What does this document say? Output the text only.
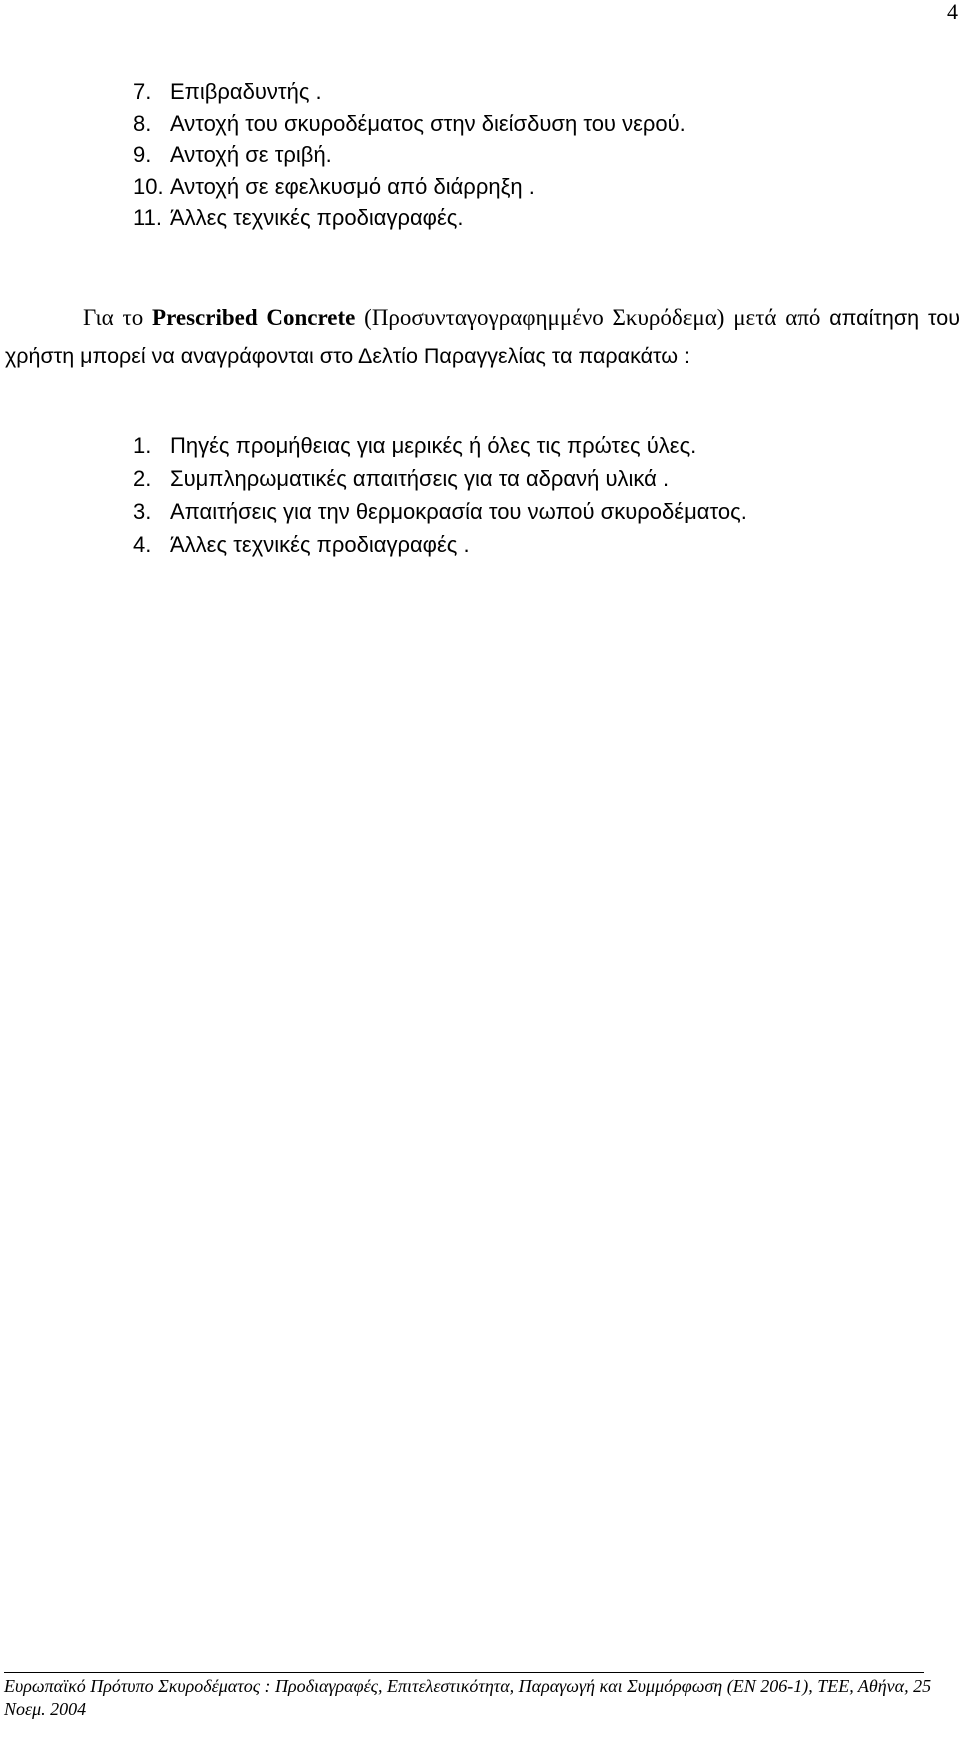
4
7. Επιβραδυντής .
8. Αντοχή του σκυροδέματος στην διείσδυση του νερού.
9. Αντοχή σε τριβή.
10. Αντοχή σε εφελκυσμό από διάρρηξη .
11. Άλλες τεχνικές προδιαγραφές.

Για το Prescribed Concrete (Προσυνταγογραφημμένο Σκυρόδεμα) μετά από απαίτηση του χρήστη μπορεί να αναγράφονται στο Δελτίο Παραγγελίας τα παρακάτω :

1. Πηγές προμήθειας για μερικές ή όλες τις πρώτες ύλες.
2. Συμπληρωματικές απαιτήσεις για τα αδρανή υλικά .
3. Απαιτήσεις για την θερμοκρασία του νωπού σκυροδέματος.
4. Άλλες τεχνικές προδιαγραφές .

Ευρωπαϊκό Πρότυπο Σκυροδέματος : Προδιαγραφές, Επιτελεστικότητα, Παραγωγή και Συμμόρφωση (ΕΝ 206-1), ΤΕΕ, Αθήνα, 25 Νοεμ. 2004
